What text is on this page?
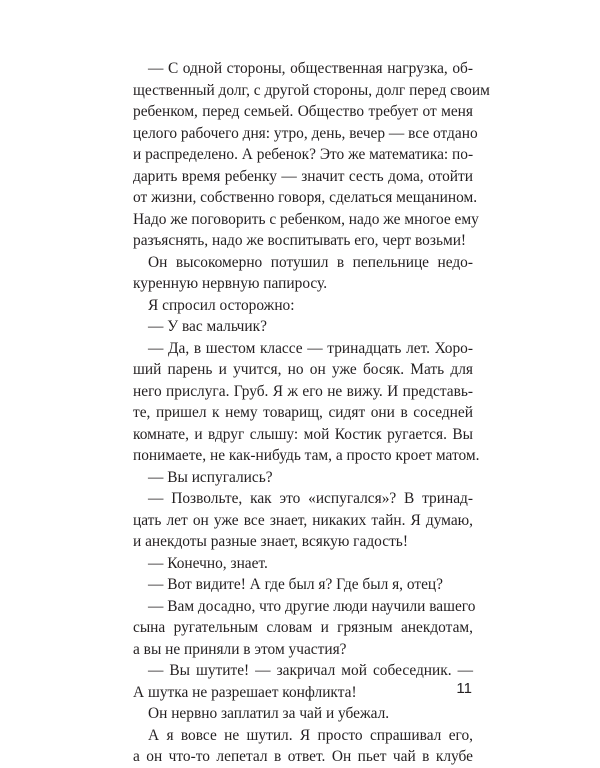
— С одной стороны, общественная нагрузка, об-
щественный долг, с другой стороны, долг перед своим
ребенком, перед семьей. Общество требует от меня
целого рабочего дня: утро, день, вечер — все отдано
и распределено. А ребенок? Это же математика: по-
дарить время ребенку — значит сесть дома, отойти
от жизни, собственно говоря, сделаться мещанином.
Надо же поговорить с ребенком, надо же многое ему
разъяснять, надо же воспитывать его, черт возьми!
Он высокомерно потушил в пепельнице недо-
куренную нервную папиросу.
Я спросил осторожно:
— У вас мальчик?
— Да, в шестом классе — тринадцать лет. Хоро-
ший парень и учится, но он уже босяк. Мать для
него прислуга. Груб. Я ж его не вижу. И представь-
те, пришел к нему товарищ, сидят они в соседней
комнате, и вдруг слышу: мой Костик ругается. Вы
понимаете, не как-нибудь там, а просто кроет матом.
— Вы испугались?
— Позвольте, как это «испугался»? В тринад-
цать лет он уже все знает, никаких тайн. Я думаю,
и анекдоты разные знает, всякую гадость!
— Конечно, знает.
— Вот видите! А где был я? Где был я, отец?
— Вам досадно, что другие люди научили вашего
сына ругательным словам и грязным анекдотам,
а вы не приняли в этом участия?
— Вы шутите! — закричал мой собеседник. —
А шутка не разрешает конфликта!
Он нервно заплатил за чай и убежал.
А я вовсе не шутил. Я просто спрашивал его,
а он что-то лепетал в ответ. Он пьет чай в клубе
11
